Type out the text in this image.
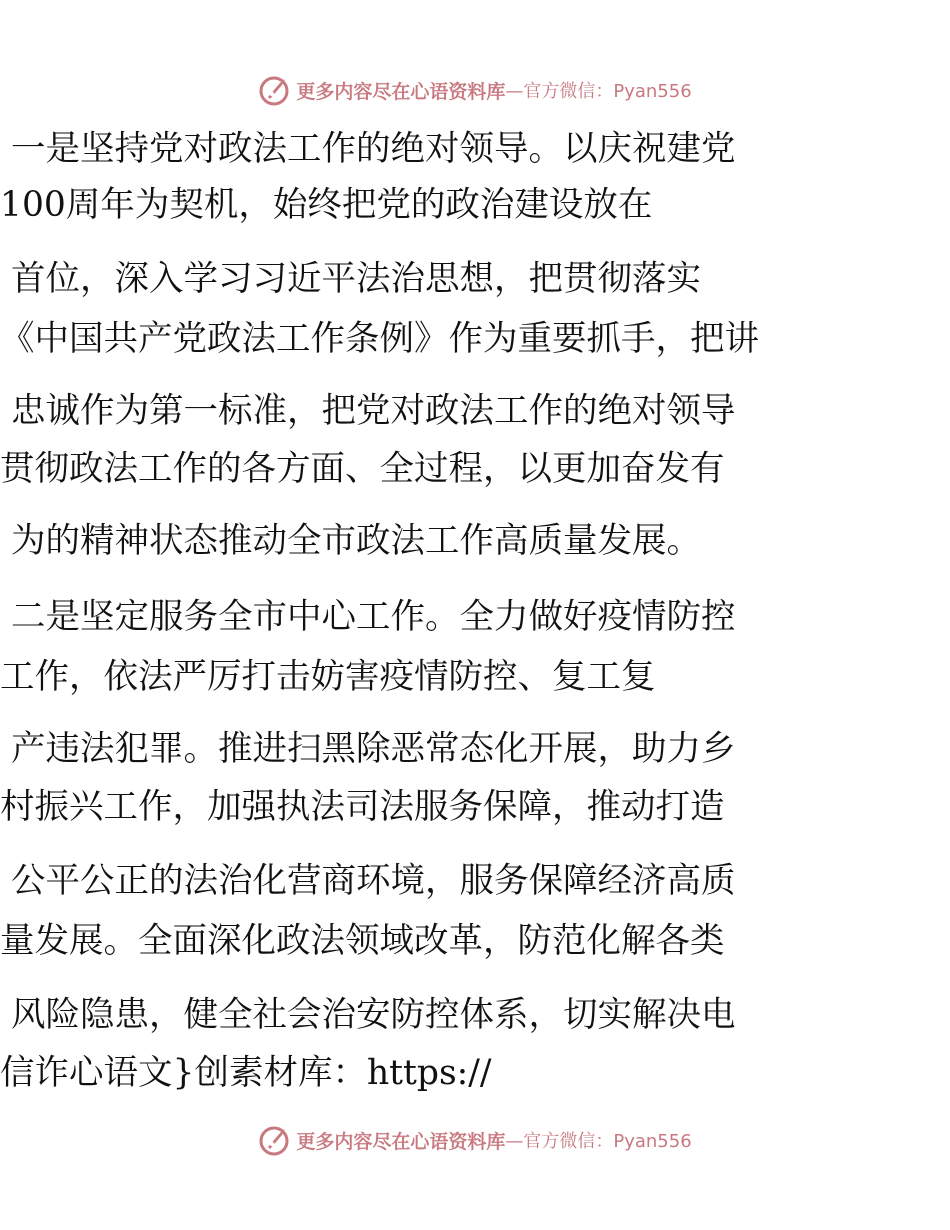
更多内容尽在心语资料库 —官方微信：Pyan556
一是坚持党对政法工作的绝对领导。以庆祝建党
100周年为契机，始终把党的政治建设放在
首位，深入学习习近平法治思想，把贯彻落实
《中国共产党政法工作条例》作为重要抓手，把讲
忠诚作为第一标准，把党对政法工作的绝对领导
贯彻政法工作的各方面、全过程，以更加奋发有
为的精神状态推动全市政法工作高质量发展。
二是坚定服务全市中心工作。全力做好疫情防控
工作，依法严厉打击妨害疫情防控、复工复
产违法犯罪。推进扫黑除恶常态化开展，助力乡
村振兴工作，加强执法司法服务保障，推动打造
公平公正的法治化营商环境，服务保障经济高质
量发展。全面深化政法领域改革，防范化解各类
风险隐患，健全社会治安防控体系，切实解决电
信诈心语文}创素材库：https://
更多内容尽在心语资料库 —官方微信：Pyan556
